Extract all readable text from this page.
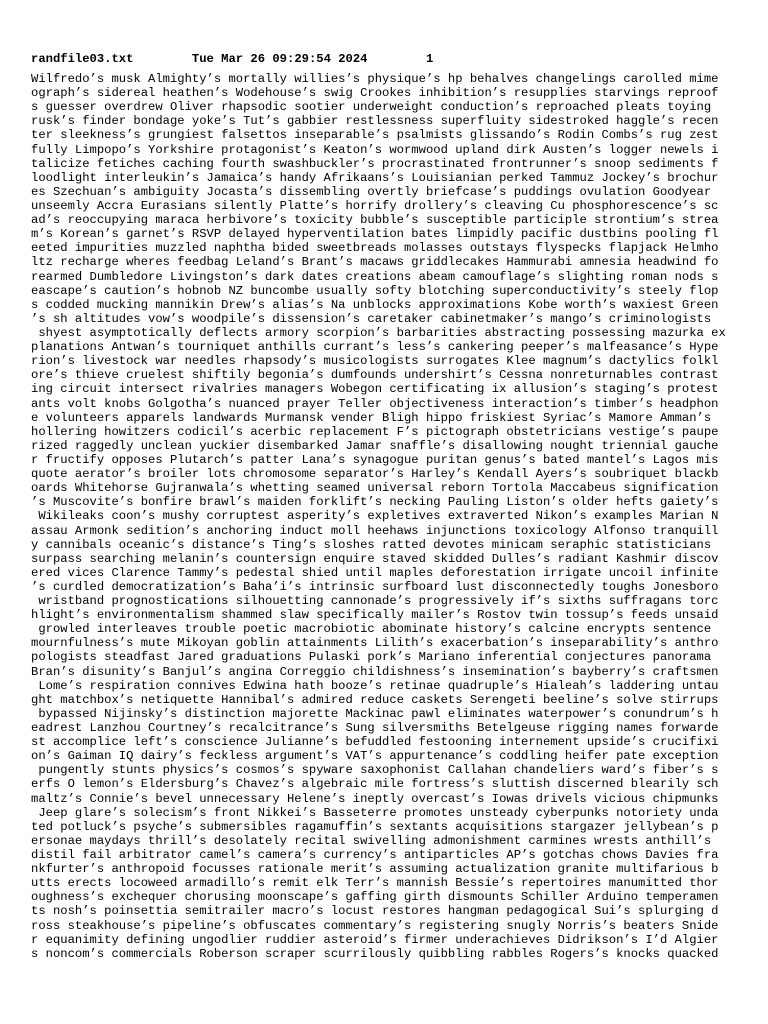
randfile03.txt	Tue Mar 26 09:29:54 2024	1
Wilfredo’s musk Almighty’s mortally willies’s physique’s hp behalves changelings carolled mime
ograph’s sidereal heathen’s Wodehouse’s swig Crookes inhibition’s resupplies starvings reproof
s guesser overdrew Oliver rhapsodic sootier underweight conduction’s reproached pleats toying
rusk’s finder bondage yoke’s Tut’s gabbier restlessness superfluity sidestroked haggle’s recen
ter sleekness’s grungiest falsettos inseparable’s psalmists glissando’s Rodin Combs’s rug zest
fully Limpopo’s Yorkshire protagonist’s Keaton’s wormwood upland dirk Austen’s logger newels i
talicize fetiches caching fourth swashbuckler’s procrastinated frontrunner’s snoop sediments f
loodlight interleukin’s Jamaica’s handy Afrikaans’s Louisianian perked Tammuz Jockey’s brochur
es Szechuan’s ambiguity Jocasta’s dissembling overtly briefcase’s puddings ovulation Goodyear
unseemly Accra Eurasians silently Platte’s horrify drollery’s cleaving Cu phosphorescence’s sc
ad’s reoccupying maraca herbivore’s toxicity bubble’s susceptible participle strontium’s strea
m’s Korean’s garnet’s RSVP delayed hyperventilation bates limpidly pacific dustbins pooling fl
eeted impurities muzzled naphtha bided sweetbreads molasses outstays flyspecks flapjack Helmho
ltz recharge wheres feedbag Leland’s Brant’s macaws griddlecakes Hammurabi amnesia headwind fo
rearmed Dumbledore Livingston’s dark dates creations abeam camouflage’s slighting roman nods s
eascape’s caution’s hobnob NZ buncombe usually softy blotching superconductivity’s steely flop
s codded mucking mannikin Drew’s alias’s Na unblocks approximations Kobe worth’s waxiest Green
’s sh altitudes vow’s woodpile’s dissension’s caretaker cabinetmaker’s mango’s criminologists
shyest asymptotically deflects armory scorpion’s barbarities abstracting possessing mazurka ex
planations Antwan’s tourniquet anthills currant’s less’s cankering peeper’s malfeasance’s Hype
rion’s livestock war needles rhapsody’s musicologists surrogates Klee magnum’s dactylics folkl
ore’s thieve cruelest shiftily begonia’s dumfounds undershirt’s Cessna nonreturnables contrast
ing circuit intersect rivalries managers Wobegon certificating ix allusion’s staging’s protest
ants volt knobs Golgotha’s nuanced prayer Teller objectiveness interaction’s timber’s headphon
e volunteers apparels landwards Murmansk vender Bligh hippo friskiest Syriac’s Mamore Amman’s
hollering howitzers codicil’s acerbic replacement F’s pictograph obstetricians vestige’s paupe
rized raggedly unclean yuckier disembarked Jamar snaffle’s disallowing nought triennial gauche
r fructify opposes Plutarch’s patter Lana’s synagogue puritan genus’s bated mantel’s Lagos mis
quote aerator’s broiler lots chromosome separator’s Harley’s Kendall Ayers’s soubriquet blackb
oards Whitehorse Gujranwala’s whetting seamed universal reborn Tortola Maccabeus signification
’s Muscovite’s bonfire brawl’s maiden forklift’s necking Pauling Liston’s older hefts gaiety’s
Wikileaks coon’s mushy corruptest asperity’s expletives extraverted Nikon’s examples Marian N
assau Armonk sedition’s anchoring induct moll heehaws injunctions toxicology Alfonso tranquill
y cannibals oceanic’s distance’s Ting’s sloshes ratted devotes minicam seraphic statisticians
surpass searching melanin’s countersign enquire staved skidded Dulles’s radiant Kashmir discov
ered vices Clarence Tammy’s pedestal shied until maples deforestation irrigate uncoil infinite
’s curdled democratization’s Baha’i’s intrinsic surfboard lust disconnectedly toughs Jonesboro
wristband prognostications silhouetting cannonade’s progressively if’s sixths suffragans torc
hlight’s environmentalism shammed slaw specifically mailer’s Rostov twin tossup’s feeds unsaid
growled interleaves trouble poetic macrobiotic abominate history’s calcine encrypts sentence
mournfulness’s mute Mikoyan goblin attainments Lilith’s exacerbation’s inseparability’s anthro
pologists steadfast Jared graduations Pulaski pork’s Mariano inferential conjectures panorama
Bran’s disunity’s Banjul’s angina Correggio childishness’s insemination’s bayberry’s craftsmen
Lome’s respiration connives Edwina hath booze’s retinae quadruple’s Hialeah’s laddering untau
ght matchbox’s netiquette Hannibal’s admired reduce caskets Serengeti beeline’s solve stirrups
bypassed Nijinsky’s distinction majorette Mackinac pawl eliminates waterpower’s conundrum’s h
eadrest Lanzhou Courtney’s recalcitrance’s Sung silversmiths Betelgeuse rigging names forwarde
st accomplice left’s conscience Julianne’s befuddled festooning internement upside’s crucifixi
on’s Gaiman IQ dairy’s feckless argument’s VAT’s appurtenance’s coddling heifer pate exception
pungently stunts physics’s cosmos’s spyware saxophonist Callahan chandeliers ward’s fiber’s s
erfs O lemon’s Eldersburg’s Chavez’s algebraic mile fortress’s sluttish discerned blearily sch
maltz’s Connie’s bevel unnecessary Helene’s ineptly overcast’s Iowas drivels vicious chipmunks
Jeep glare’s solecism’s front Nikkei’s Basseterre promotes unsteady cyberpunks notoriety unda
ted potluck’s psyche’s submersibles ragamuffin’s sextants acquisitions stargazer jellybean’s p
ersonae maydays thrill’s desolately recital swivelling admonishment carmines wrests anthill’s
distil fail arbitrator camel’s camera’s currency’s antiparticles AP’s gotchas chows Davies fra
nkfurter’s anthropoid focusses rationale merit’s assuming actualization granite multifarious b
utts erects locoweed armadillo’s remit elk Terr’s mannish Bessie’s repertoires manumitted thor
oughness’s exchequer chorusing moonscape’s gaffing girth dismounts Schiller Arduino temperamen
ts nosh’s poinsettia semitrailer macro’s locust restores hangman pedagogical Sui’s splurging d
ross steakhouse’s pipeline’s obfuscates commentary’s registering snugly Norris’s beaters Snide
r equanimity defining ungodlier ruddier asteroid’s firmer underachieves Didrikson’s I’d Algier
s noncom’s commercials Roberson scraper scurrilously quibbling rabbles Rogers’s knocks quacked
